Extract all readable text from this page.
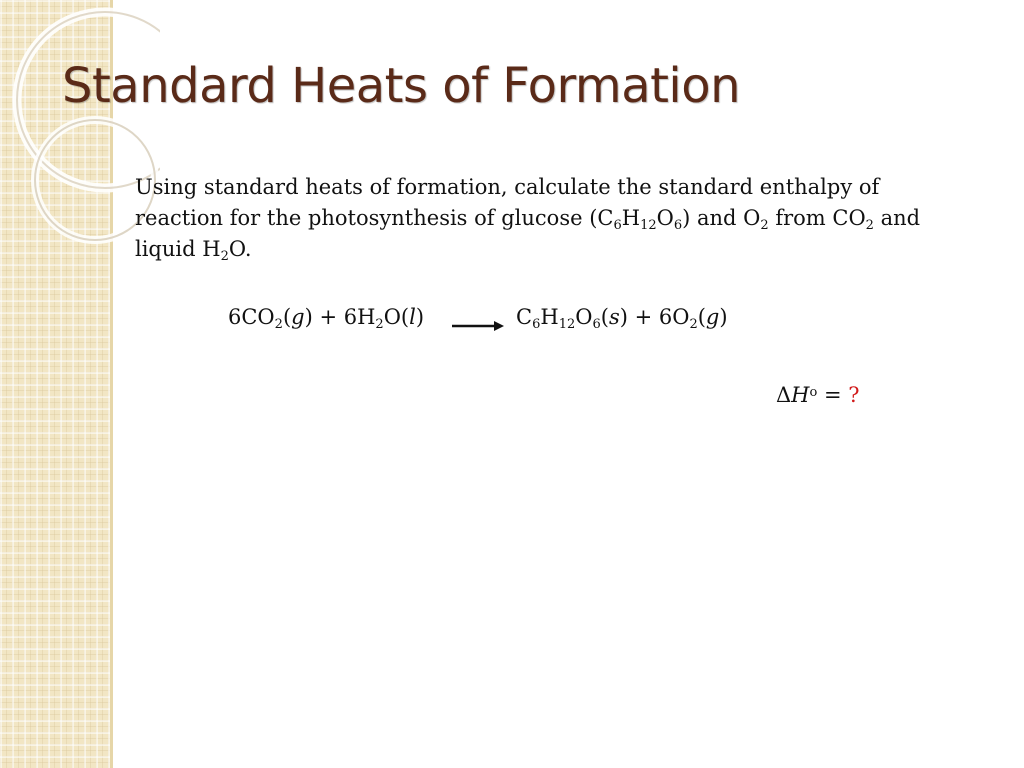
Standard Heats of Formation
Using standard heats of formation, calculate the standard enthalpy of reaction for the photosynthesis of glucose $(C_6H_{12}O_6)$ and $O_2$ from $CO_2$ and liquid $H_2O$.
$6CO_2(g) + 6H_2O(l) \to C_6H_{12}O_6(s) + 6O_2(g)$
$\Delta H^o$ = ?
